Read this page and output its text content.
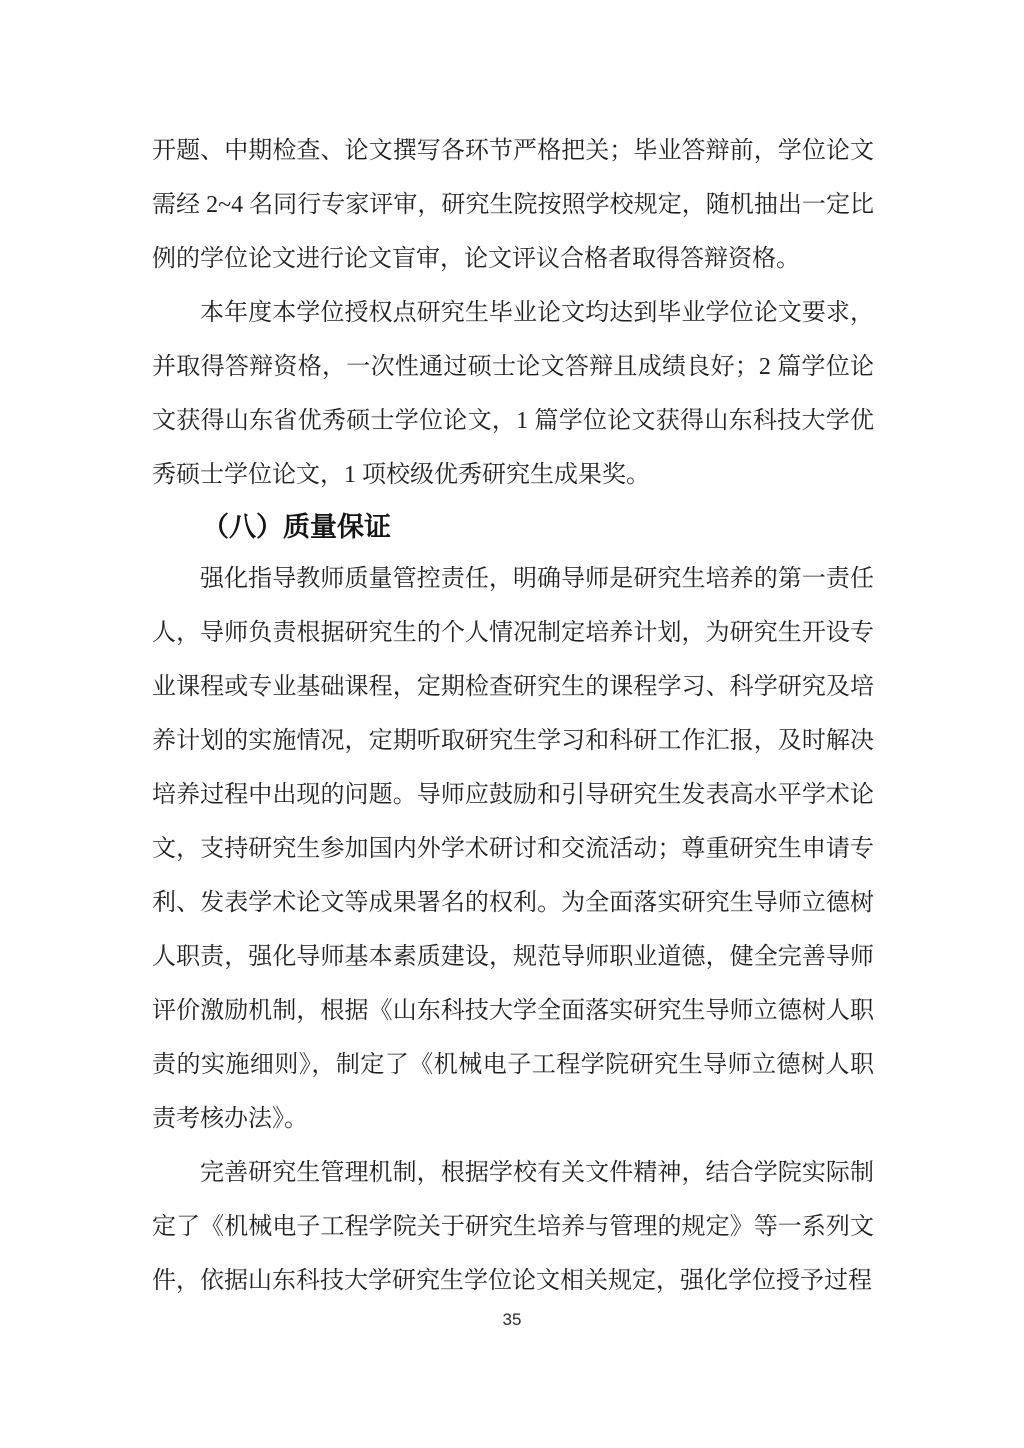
开题、中期检查、论文撰写各环节严格把关；毕业答辩前，学位论文需经 2~4 名同行专家评审，研究生院按照学校规定，随机抽出一定比例的学位论文进行论文盲审，论文评议合格者取得答辩资格。

本年度本学位授权点研究生毕业论文均达到毕业学位论文要求，并取得答辩资格，一次性通过硕士论文答辩且成绩良好；2 篇学位论文获得山东省优秀硕士学位论文，1 篇学位论文获得山东科技大学优秀硕士学位论文，1 项校级优秀研究生成果奖。

（八）质量保证

强化指导教师质量管控责任，明确导师是研究生培养的第一责任人，导师负责根据研究生的个人情况制定培养计划，为研究生开设专业课程或专业基础课程，定期检查研究生的课程学习、科学研究及培养计划的实施情况，定期听取研究生学习和科研工作汇报，及时解决培养过程中出现的问题。导师应鼓励和引导研究生发表高水平学术论文，支持研究生参加国内外学术研讨和交流活动；尊重研究生申请专利、发表学术论文等成果署名的权利。为全面落实研究生导师立德树人职责，强化导师基本素质建设，规范导师职业道德，健全完善导师评价激励机制，根据《山东科技大学全面落实研究生导师立德树人职责的实施细则》，制定了《机械电子工程学院研究生导师立德树人职责考核办法》。

完善研究生管理机制，根据学校有关文件精神，结合学院实际制定了《机械电子工程学院关于研究生培养与管理的规定》等一系列文件，依据山东科技大学研究生学位论文相关规定，强化学位授予过程

35
